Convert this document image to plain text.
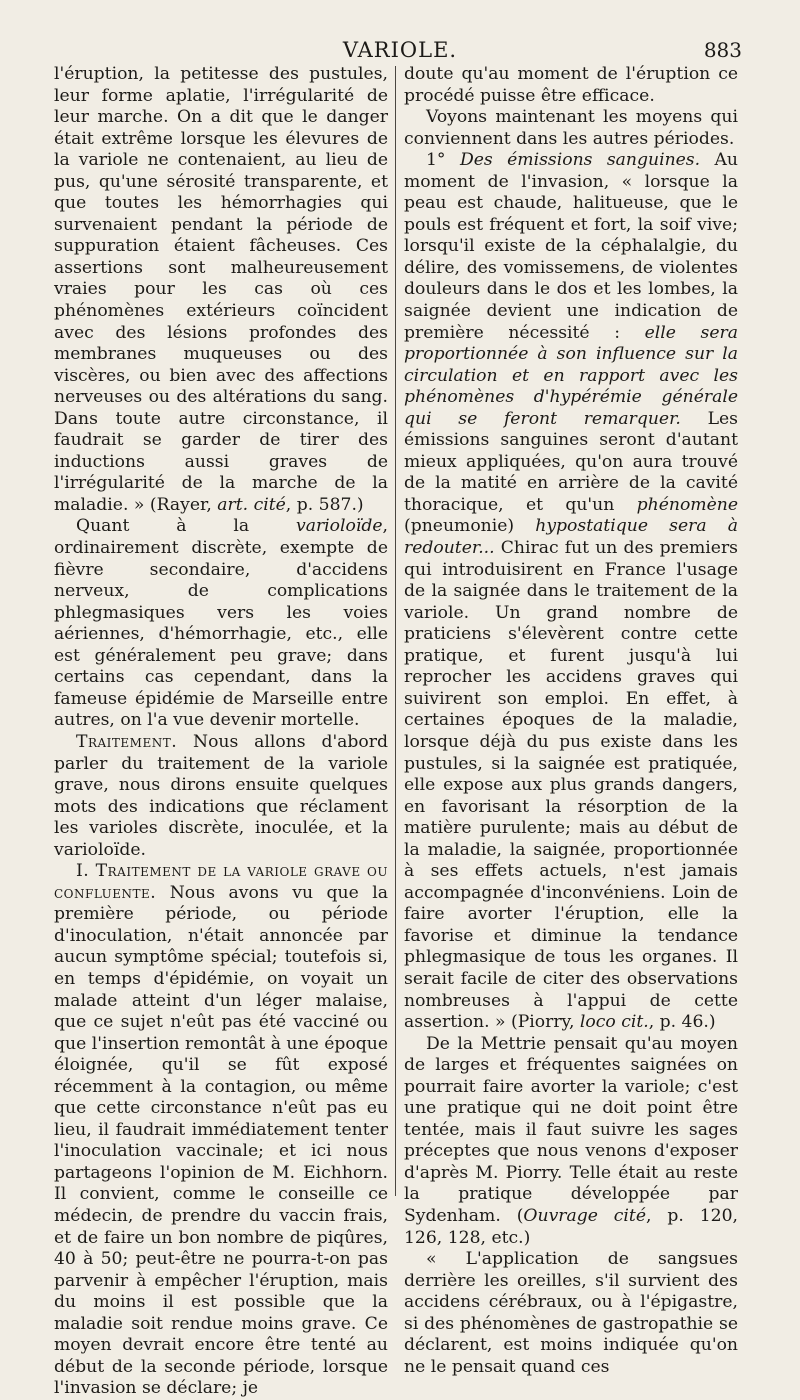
VARIOLE.	883

l'éruption, la petitesse des pustules, leur forme aplatie, l'irrégularité de leur marche. On a dit que le danger était extrême lorsque les élevures de la variole ne contenaient, au lieu de pus, qu'une sérosité transparente, et que toutes les hémorrhagies qui survenaient pendant la période de suppuration étaient fâcheuses. Ces assertions sont malheureusement vraies pour les cas où ces phénomènes extérieurs coïncident avec des lésions profondes des membranes muqueuses ou des viscères, ou bien avec des affections nerveuses ou des altérations du sang. Dans toute autre circonstance, il faudrait se garder de tirer des inductions aussi graves de l'irrégularité de la marche de la maladie. » (Rayer, art. cité, p. 587.)

Quant à la	varioloïde, ordinairement discrète, exempte de fièvre secondaire, d'accidens nerveux, de complications phlegmasiques vers les voies aériennes, d'hémorrhagie, etc., elle est généralement peu grave; dans certains cas cependant, dans la fameuse épidémie de Marseille entre autres, on l'a vue devenir mortelle.

Traitement. Nous allons d'abord parler du traitement de la variole grave, nous dirons ensuite quelques mots des indications que réclament les varioles discrète, inoculée, et la varioloïde.

I. Traitement de la variole grave ou confluente. Nous avons vu que la première période, ou période d'inoculation, n'était annoncée par aucun symptôme spécial; toutefois si, en temps d'épidémie, on voyait un malade atteint d'un léger malaise, que ce sujet n'eût pas été vacciné ou que l'insertion remontât à une époque éloignée, qu'il se fût exposé récemment à la contagion, ou même que cette circonstance n'eût pas eu lieu, il faudrait immédiatement tenter l'inoculation vaccinale; et ici nous partageons l'opinion de M. Eichhorn. Il convient, comme le conseille ce médecin, de prendre du vaccin frais, et de faire un bon nombre de piqûres, 40 à 50; peut-être ne pourra-t-on pas parvenir à empêcher l'éruption, mais du moins il est possible que la maladie soit rendue moins grave. Ce moyen devrait encore être tenté au début de la seconde période, lorsque l'invasion se déclare; je

doute qu'au moment de l'éruption ce procédé puisse être efficace.

Voyons maintenant les moyens qui conviennent dans les autres périodes.

1° Des émissions sanguines. Au moment de l'invasion, « lorsque la peau est chaude, halitueuse, que le pouls est fréquent et fort, la soif vive; lorsqu'il existe de la céphalalgie, du délire, des vomissemens, de violentes douleurs dans le dos et les lombes, la saignée devient une indication de première nécessité : elle sera proportionnée à son influence sur la circulation et en rapport avec les phénomènes d'hypérémie générale qui se feront remarquer. Les émissions sanguines seront d'autant mieux appliquées, qu'on aura trouvé de la matité en arrière de la cavité thoracique, et qu'un phénomène (pneumonie) hypostatique sera à redouter... Chirac fut un des premiers qui introduisirent en France l'usage de la saignée dans le traitement de la variole. Un grand nombre de praticiens s'élevèrent contre cette pratique, et furent jusqu'à lui reprocher les accidens graves qui suivirent son emploi. En effet, à certaines époques de la maladie, lorsque déjà du pus existe dans les pustules, si la saignée est pratiquée, elle expose aux plus grands dangers, en favorisant la résorption de la matière purulente; mais au début de la maladie, la saignée, proportionnée à ses effets actuels, n'est jamais accompagnée d'inconvéniens. Loin de faire avorter l'éruption, elle la favorise et diminue la tendance phlegmasique de tous les organes. Il serait facile de citer des observations nombreuses à l'appui de cette assertion. » (Piorry, loco cit., p. 46.)

De la Mettrie pensait qu'au moyen de larges et fréquentes saignées on pourrait faire avorter la variole; c'est une pratique qui ne doit point être tentée, mais il faut suivre les sages préceptes que nous venons d'exposer d'après M. Piorry. Telle était au reste la pratique développée par Sydenham. (Ouvrage cité, p. 120, 126, 128, etc.)

« L'application de sangsues derrière les oreilles, s'il survient des accidens cérébraux, ou à l'épigastre, si des phénomènes de gastropathie se déclarent, est moins indiquée qu'on ne le pensait quand ces
